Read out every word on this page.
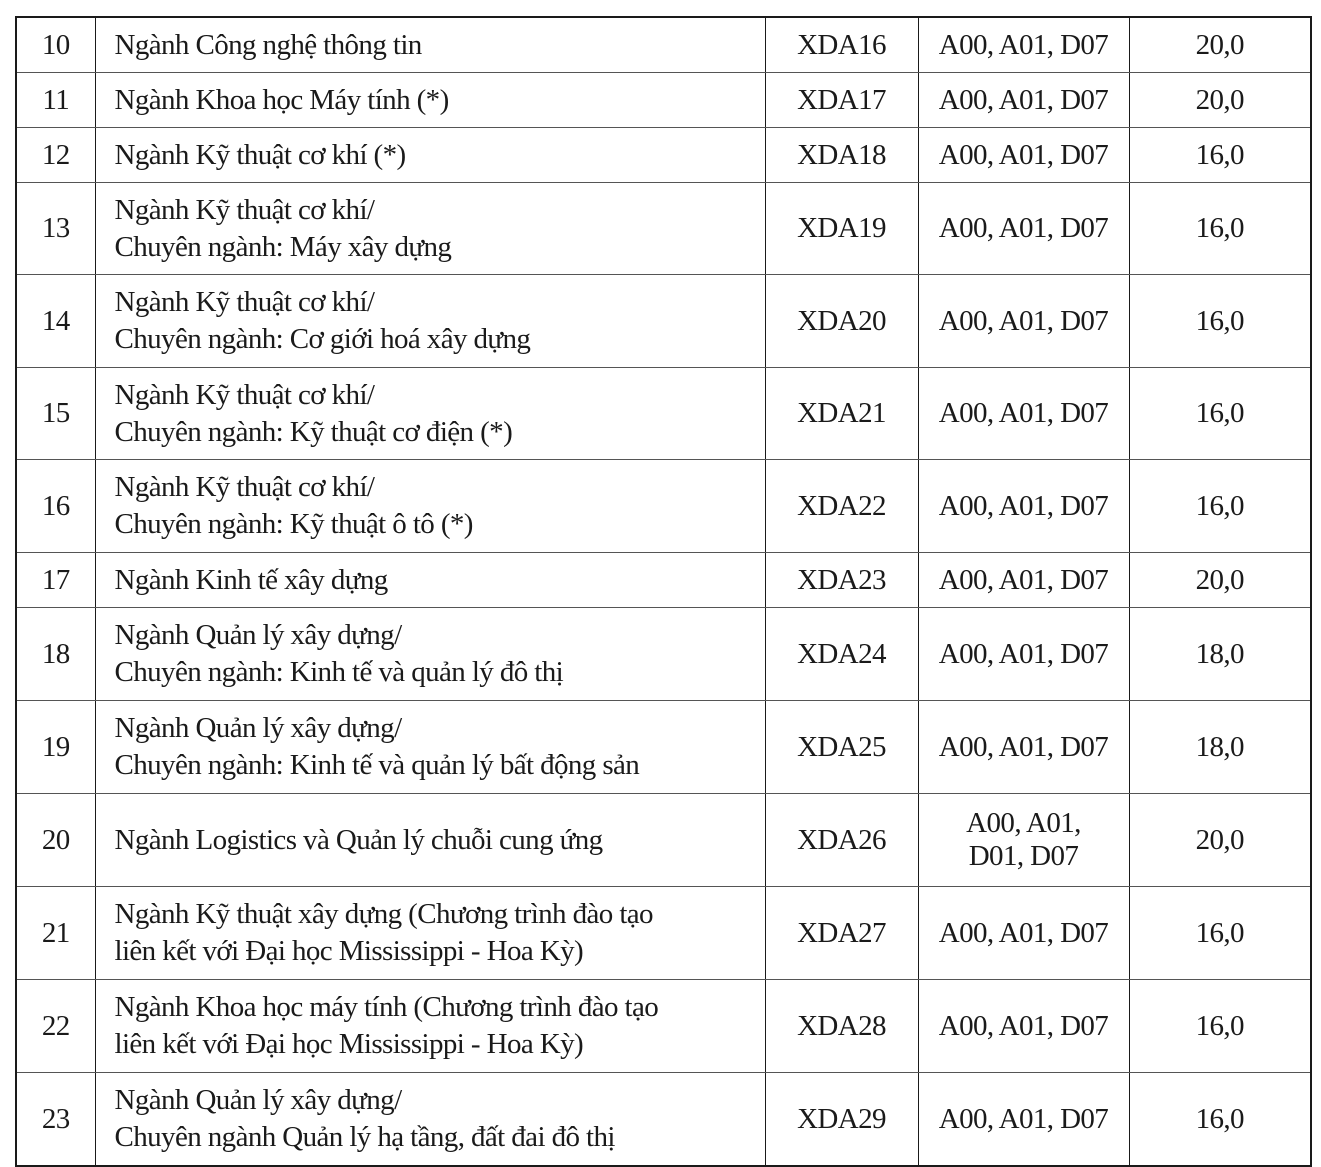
10	Ngành Công nghệ thông tin	XDA16	A00, A01, D07	20,0
11	Ngành Khoa học Máy tính (*)	XDA17	A00, A01, D07	20,0
12	Ngành Kỹ thuật cơ khí (*)	XDA18	A00, A01, D07	16,0
13	Ngành Kỹ thuật cơ khí/
Chuyên ngành: Máy xây dựng	XDA19	A00, A01, D07	16,0
14	Ngành Kỹ thuật cơ khí/
Chuyên ngành: Cơ giới hoá xây dựng	XDA20	A00, A01, D07	16,0
15	Ngành Kỹ thuật cơ khí/
Chuyên ngành: Kỹ thuật cơ điện (*)	XDA21	A00, A01, D07	16,0
16	Ngành Kỹ thuật cơ khí/
Chuyên ngành: Kỹ thuật ô tô (*)	XDA22	A00, A01, D07	16,0
17	Ngành Kinh tế xây dựng	XDA23	A00, A01, D07	20,0
18	Ngành Quản lý xây dựng/
Chuyên ngành: Kinh tế và quản lý đô thị	XDA24	A00, A01, D07	18,0
19	Ngành Quản lý xây dựng/
Chuyên ngành: Kinh tế và quản lý bất động sản	XDA25	A00, A01, D07	18,0
20	Ngành Logistics và Quản lý chuỗi cung ứng	XDA26	A00, A01,
D01, D07	20,0
21	Ngành Kỹ thuật xây dựng (Chương trình đào tạo
liên kết với Đại học Mississippi - Hoa Kỳ)	XDA27	A00, A01, D07	16,0
22	Ngành Khoa học máy tính (Chương trình đào tạo
liên kết với Đại học Mississippi - Hoa Kỳ)	XDA28	A00, A01, D07	16,0
23	Ngành Quản lý xây dựng/
Chuyên ngành Quản lý hạ tầng, đất đai đô thị	XDA29	A00, A01, D07	16,0
